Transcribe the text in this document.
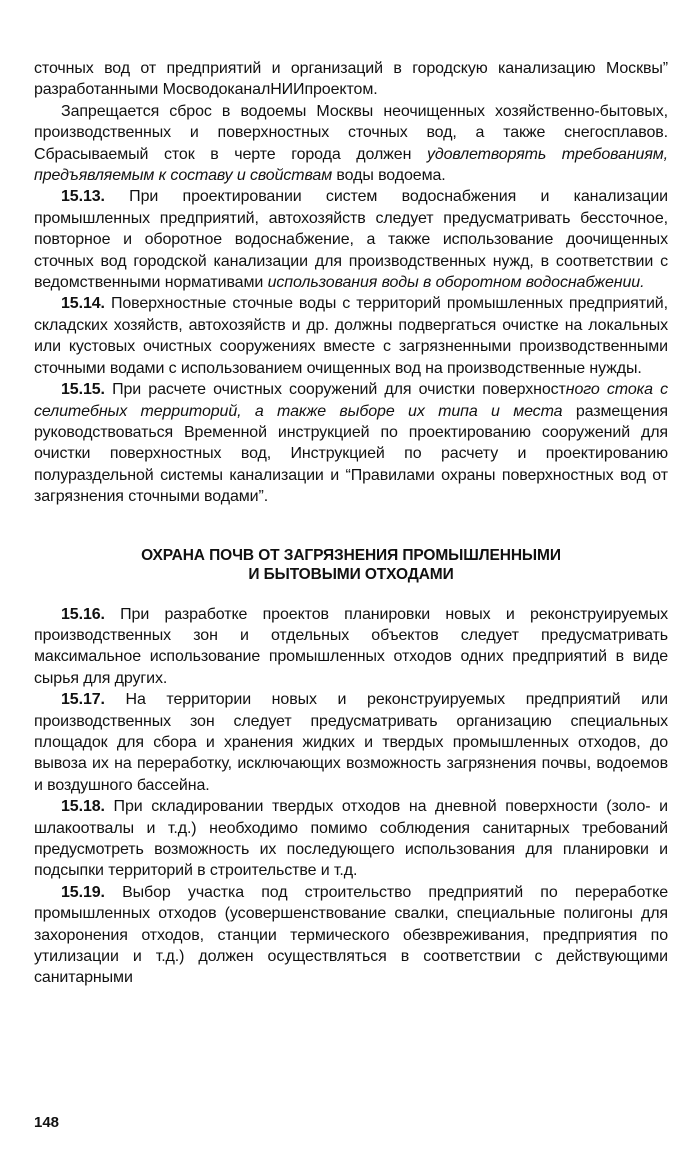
сточных вод от предприятий и организаций в городскую канализацию Москвы” разработанными МосводоканалНИИпроектом.

Запрещается сброс в водоемы Москвы неочищенных хозяйственно-бытовых, производственных и поверхностных сточных вод, а также снегосплавов. Сбрасываемый сток в черте города должен удовлетворять требованиям, предъявляемым к составу и свойствам воды водоема.

15.13. При проектировании систем водоснабжения и канализации промышленных предприятий, автохозяйств следует предусматривать бессточное, повторное и оборотное водоснабжение, а также использование доочищенных сточных вод городской канализации для производственных нужд, в соответствии с ведомственными нормативами использования воды в оборотном водоснабжении.

15.14. Поверхностные сточные воды с территорий промышленных предприятий, складских хозяйств, автохозяйств и др. должны подвергаться очистке на локальных или кустовых очистных сооружениях вместе с загрязненными производственными сточными водами с использованием очищенных вод на производственные нужды.

15.15. При расчете очистных сооружений для очистки поверхностного стока с селитебных территорий, а также выборе их типа и места размещения руководствоваться Временной инструкцией по проектированию сооружений для очистки поверхностных вод, Инструкцией по расчету и проектированию полураздельной системы канализации и “Правилами охраны поверхностных вод от загрязнения сточными водами”.

ОХРАНА ПОЧВ ОТ ЗАГРЯЗНЕНИЯ ПРОМЫШЛЕННЫМИ
И БЫТОВЫМИ ОТХОДАМИ

15.16. При разработке проектов планировки новых и реконструируемых производственных зон и отдельных объектов следует предусматривать максимальное использование промышленных отходов одних предприятий в виде сырья для других.

15.17. На территории новых и реконструируемых предприятий или производственных зон следует предусматривать организацию специальных площадок для сбора и хранения жидких и твердых промышленных отходов, до вывоза их на переработку, исключающих возможность загрязнения почвы, водоемов и воздушного бассейна.

15.18. При складировании твердых отходов на дневной поверхности (золо- и шлакоотвалы и т.д.) необходимо помимо соблюдения санитарных требований предусмотреть возможность их последующего использования для планировки и подсыпки территорий в строительстве и т.д.

15.19. Выбор участка под строительство предприятий по переработке промышленных отходов (усовершенствование свалки, специальные полигоны для захоронения отходов, станции термического обезвреживания, предприятия по утилизации и т.д.) должен осуществляться в соответствии с действующими санитарными

148
